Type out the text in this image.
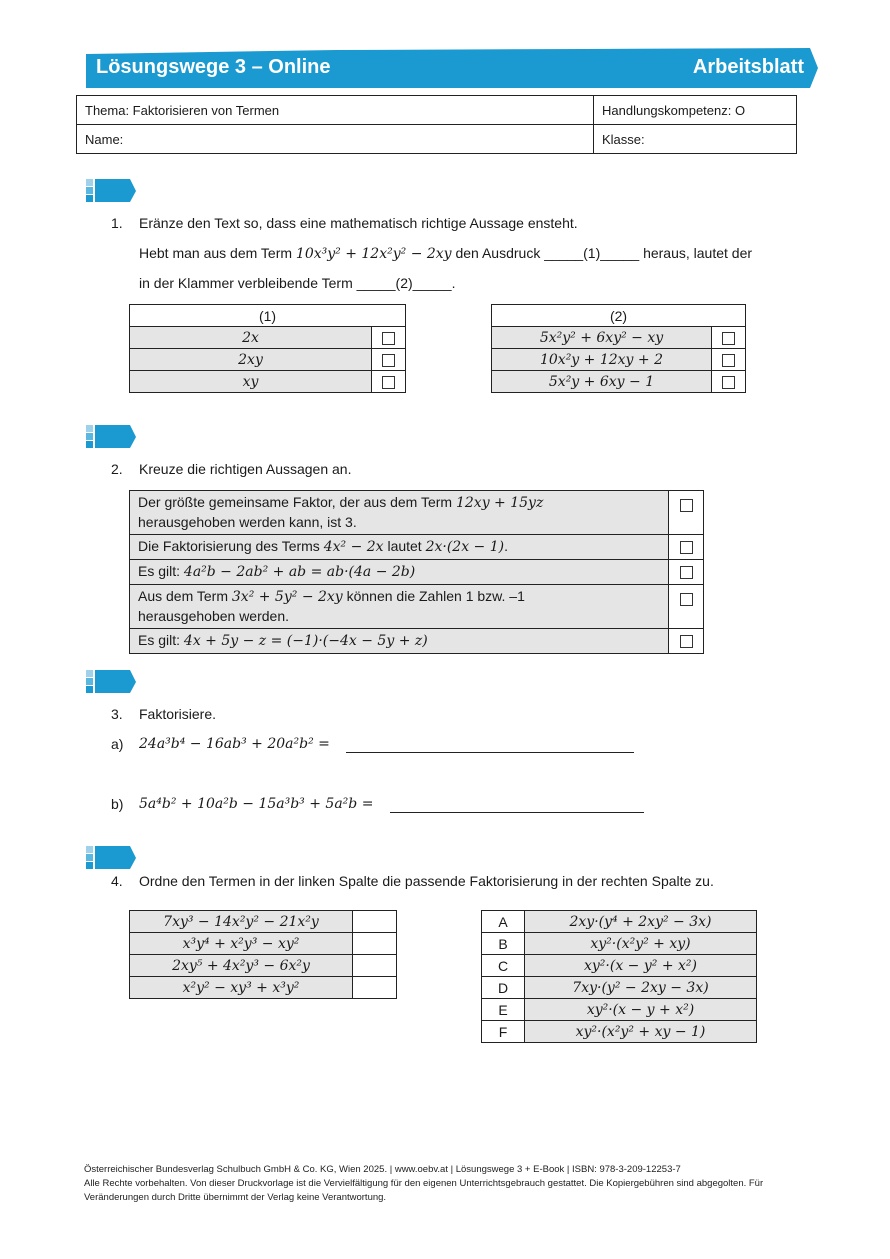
Lösungswege 3 – Online	Arbeitsblatt
Thema: Faktorisieren von Termen	Handlungskompetenz: O
Name:	Klasse:
1. Eränze den Text so, dass eine mathematisch richtige Aussage ensteht.
Hebt man aus dem Term 10x³y² + 12x²y² − 2xy den Ausdruck _____(1)_____ heraus, lautet der
in der Klammer verbleibende Term _____(2)_____.
(1)	
2x	
2xy	
xy	
(2)	
5x²y² + 6xy² − xy	
10x²y + 12xy + 2	
5x²y + 6xy − 1	
2. Kreuze die richtigen Aussagen an.
Der größte gemeinsame Faktor, der aus dem Term 12xy + 15yz
herausgehoben werden kann, ist 3.	
Die Faktorisierung des Terms 4x² − 2x lautet 2x·(2x − 1).	
Es gilt: 4a²b − 2ab² + ab = ab·(4a − 2b)	
Aus dem Term 3x² + 5y² − 2xy können die Zahlen 1 bzw. –1
herausgehoben werden.	
Es gilt: 4x + 5y − z = (−1)·(−4x − 5y + z)	
3. Faktorisiere.
a) 24a³b⁴ − 16ab³ + 20a²b² =
b) 5a⁴b² + 10a²b − 15a³b³ + 5a²b =
4. Ordne den Termen in der linken Spalte die passende Faktorisierung in der rechten Spalte zu.
7xy³ − 14x²y² − 21x²y	
x³y⁴ + x²y³ − xy²	
2xy⁵ + 4x²y³ − 6x²y	
x²y² − xy³ + x³y²	
A	2xy·(y⁴ + 2xy² − 3x)
B	xy²·(x²y² + xy)
C	xy²·(x − y² + x²)
D	7xy·(y² − 2xy − 3x)
E	xy²·(x − y + x²)
F	xy²·(x²y² + xy − 1)
Österreichischer Bundesverlag Schulbuch GmbH & Co. KG, Wien 2025. | www.oebv.at | Lösungswege 3 + E-Book | ISBN: 978-3-209-12253-7
Alle Rechte vorbehalten. Von dieser Druckvorlage ist die Vervielfältigung für den eigenen Unterrichtsgebrauch gestattet. Die Kopiergebühren sind abgegolten. Für
Veränderungen durch Dritte übernimmt der Verlag keine Verantwortung.
